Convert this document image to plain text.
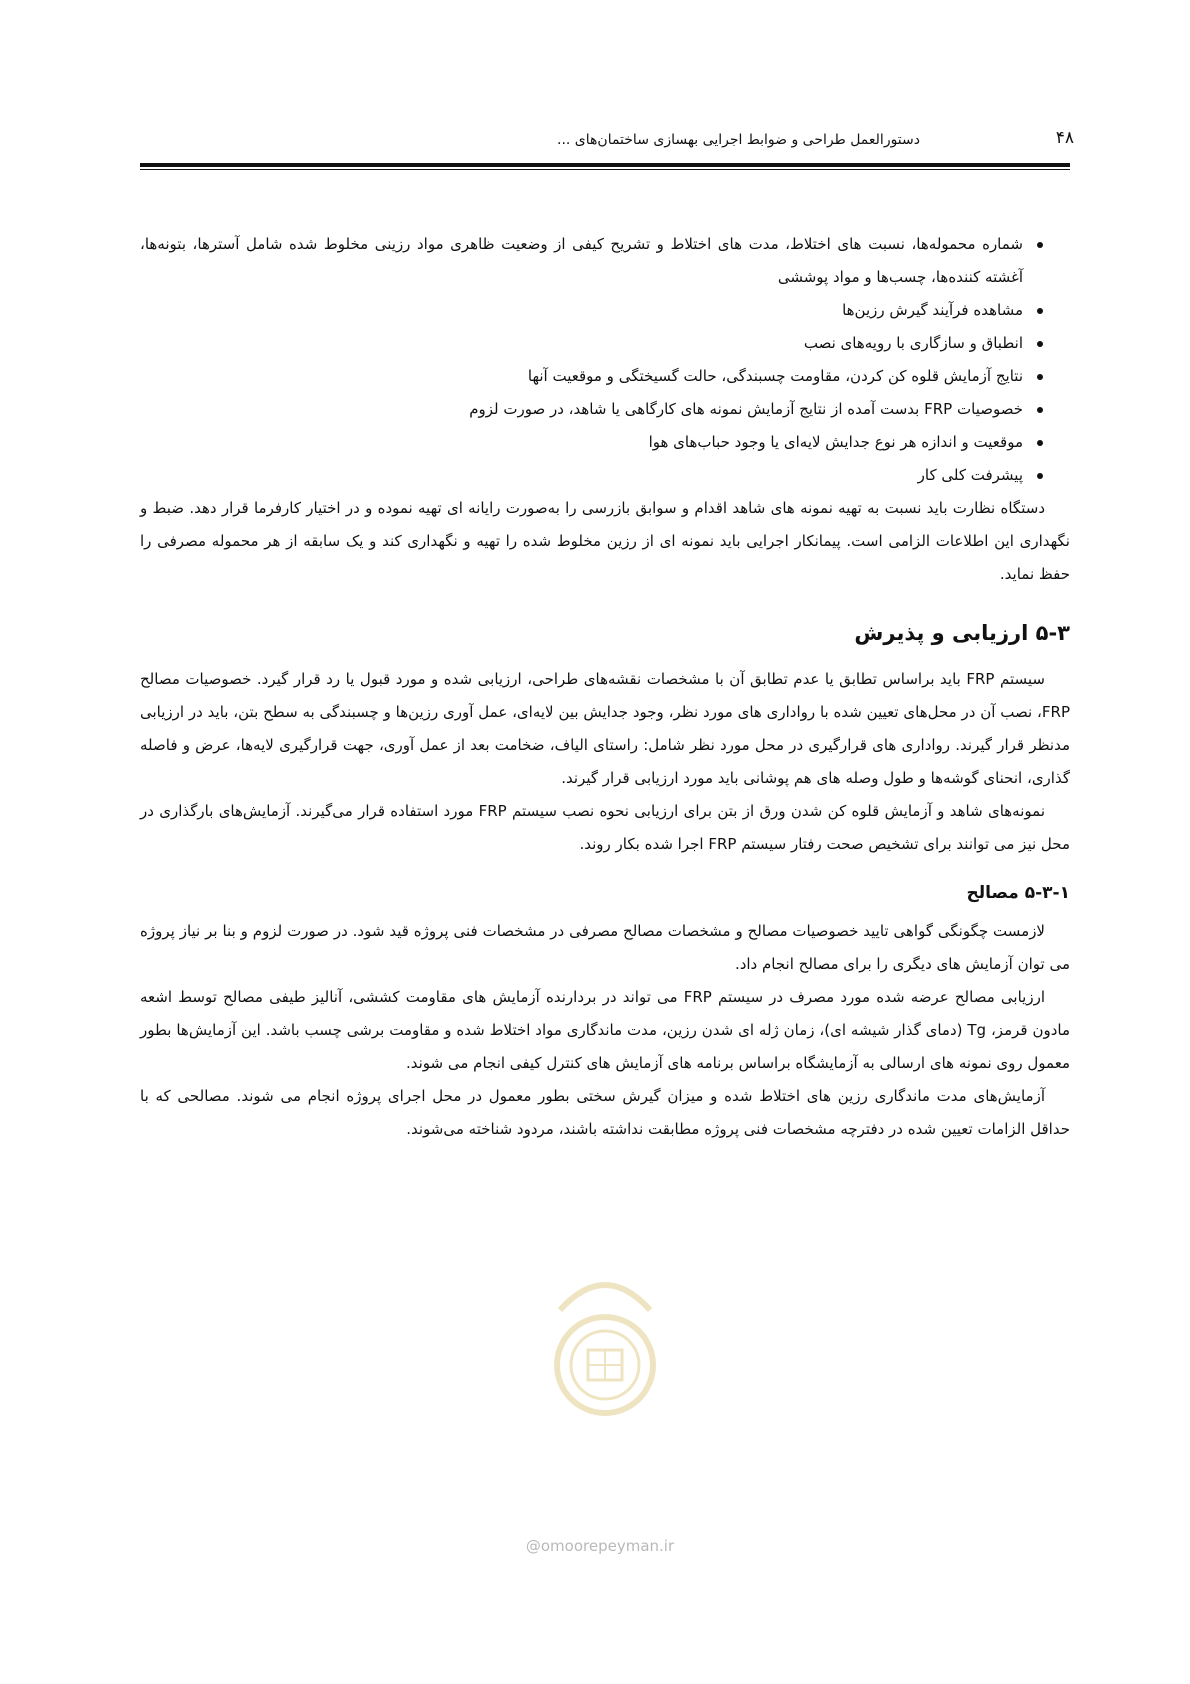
۴۸
دستورالعمل طراحی و ضوابط اجرایی بهسازی ساختمان‌های ...

شماره محموله‌ها، نسبت های اختلاط، مدت های اختلاط و تشریح کیفی از وضعیت ظاهری مواد رزینی مخلوط شده شامل آسترها، بتونه‌ها، آغشته کننده‌ها، چسب‌ها و مواد پوششی

مشاهده فرآیند گیرش رزین‌ها
انطباق و سازگاری با رویه‌های نصب
نتایج آزمایش قلوه کن کردن، مقاومت چسبندگی، حالت گسیختگی و موقعیت آنها
خصوصیات FRP بدست آمده از نتایج آزمایش نمونه های کارگاهی یا شاهد، در صورت لزوم
موقعیت و اندازه هر نوع جدایش لایه‌ای یا وجود حباب‌های هوا
پیشرفت کلی کار

دستگاه نظارت باید نسبت به تهیه نمونه های شاهد اقدام و سوابق بازرسی را به‌صورت رایانه ای تهیه نموده و در اختیار کارفرما قرار دهد. ضبط و نگهداری این اطلاعات الزامی است. پیمانکار اجرایی باید نمونه ای از رزین مخلوط شده را تهیه و نگهداری کند و یک سابقه از هر محموله مصرفی را حفظ نماید.

۵-۳ ارزیابی و پذیرش

سیستم FRP باید براساس تطابق یا عدم تطابق آن با مشخصات نقشه‌های طراحی، ارزیابی شده و مورد قبول یا رد قرار گیرد. خصوصیات مصالح FRP، نصب آن در محل‌های تعیین شده با رواداری های مورد نظر، وجود جدایش بین لایه‌ای، عمل آوری رزین‌ها و چسبندگی به سطح بتن، باید در ارزیابی مدنظر قرار گیرند. رواداری های قرارگیری در محل مورد نظر شامل: راستای الیاف، ضخامت بعد از عمل آوری، جهت قرارگیری لایه‌ها، عرض و فاصله گذاری، انحنای گوشه‌ها و طول وصله های هم پوشانی باید مورد ارزیابی قرار گیرند.

نمونه‌های شاهد و آزمایش قلوه کن شدن ورق از بتن برای ارزیابی نحوه نصب سیستم FRP مورد استفاده قرار می‌گیرند. آزمایش‌های بارگذاری در محل نیز می توانند برای تشخیص صحت رفتار سیستم FRP اجرا شده بکار روند.

۵-۳-۱ مصالح

لازمست چگونگی گواهی تایید خصوصیات مصالح و مشخصات مصالح مصرفی در مشخصات فنی پروژه قید شود. در صورت لزوم و بنا بر نیاز پروژه می توان آزمایش های دیگری را برای مصالح انجام داد.

ارزیابی مصالح عرضه شده مورد مصرف در سیستم FRP می تواند در بردارنده آزمایش های مقاومت کششی، آنالیز طیفی مصالح توسط اشعه مادون قرمز، Tg (دمای گذار شیشه ای)، زمان ژله ای شدن رزین، مدت ماندگاری مواد اختلاط شده و مقاومت برشی چسب باشد. این آزمایش‌ها بطور معمول روی نمونه های ارسالی به آزمایشگاه براساس برنامه های آزمایش های کنترل کیفی انجام می شوند.

آزمایش‌های مدت ماندگاری رزین های اختلاط شده و میزان گیرش سختی بطور معمول در محل اجرای پروژه انجام می شوند. مصالحی که با حداقل الزامات تعیین شده در دفترچه مشخصات فنی پروژه مطابقت نداشته باشند، مردود شناخته می‌شوند.

@omoorepeyman.ir
